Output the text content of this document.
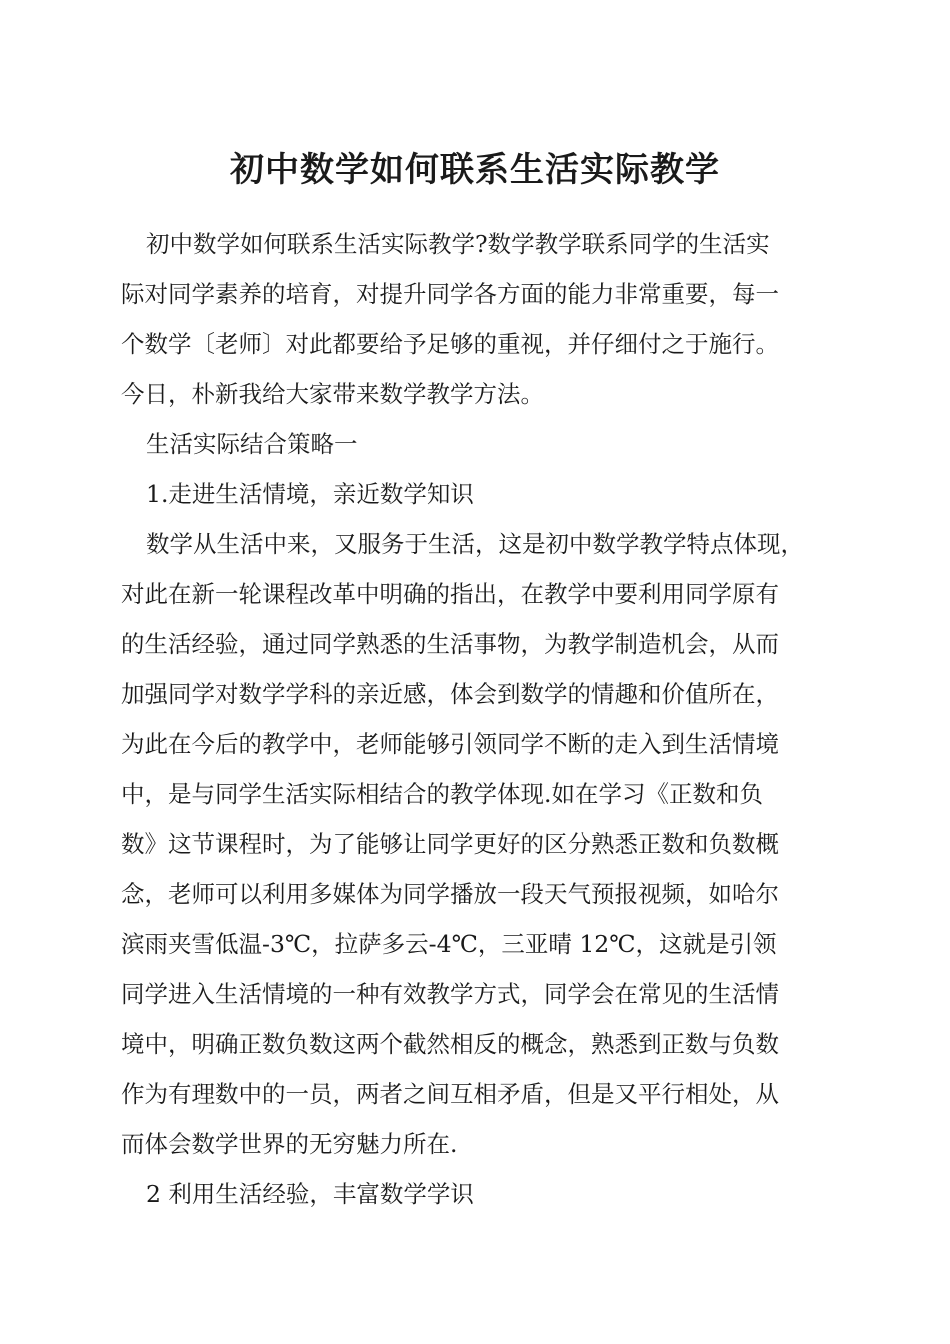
初中数学如何联系生活实际教学

初中数学如何联系生活实际教学?数学教学联系同学的生活实

际对同学素养的培育，对提升同学各方面的能力非常重要，每一

个数学〔老师〕对此都要给予足够的重视，并仔细付之于施行。

今日，朴新我给大家带来数学教学方法。

生活实际结合策略一

1.走进生活情境，亲近数学知识

数学从生活中来，又服务于生活，这是初中数学教学特点体现，

对此在新一轮课程改革中明确的指出，在教学中要利用同学原有

的生活经验，通过同学熟悉的生活事物，为教学制造机会，从而

加强同学对数学学科的亲近感，体会到数学的情趣和价值所在，

为此在今后的教学中，老师能够引领同学不断的走入到生活情境

中，是与同学生活实际相结合的教学体现.如在学习《正数和负

数》这节课程时，为了能够让同学更好的区分熟悉正数和负数概

念，老师可以利用多媒体为同学播放一段天气预报视频，如哈尔

滨雨夹雪低温-3℃，拉萨多云-4℃，三亚晴 12℃，这就是引领

同学进入生活情境的一种有效教学方式，同学会在常见的生活情

境中，明确正数负数这两个截然相反的概念，熟悉到正数与负数

作为有理数中的一员，两者之间互相矛盾，但是又平行相处，从

而体会数学世界的无穷魅力所在.

2 利用生活经验，丰富数学学识
